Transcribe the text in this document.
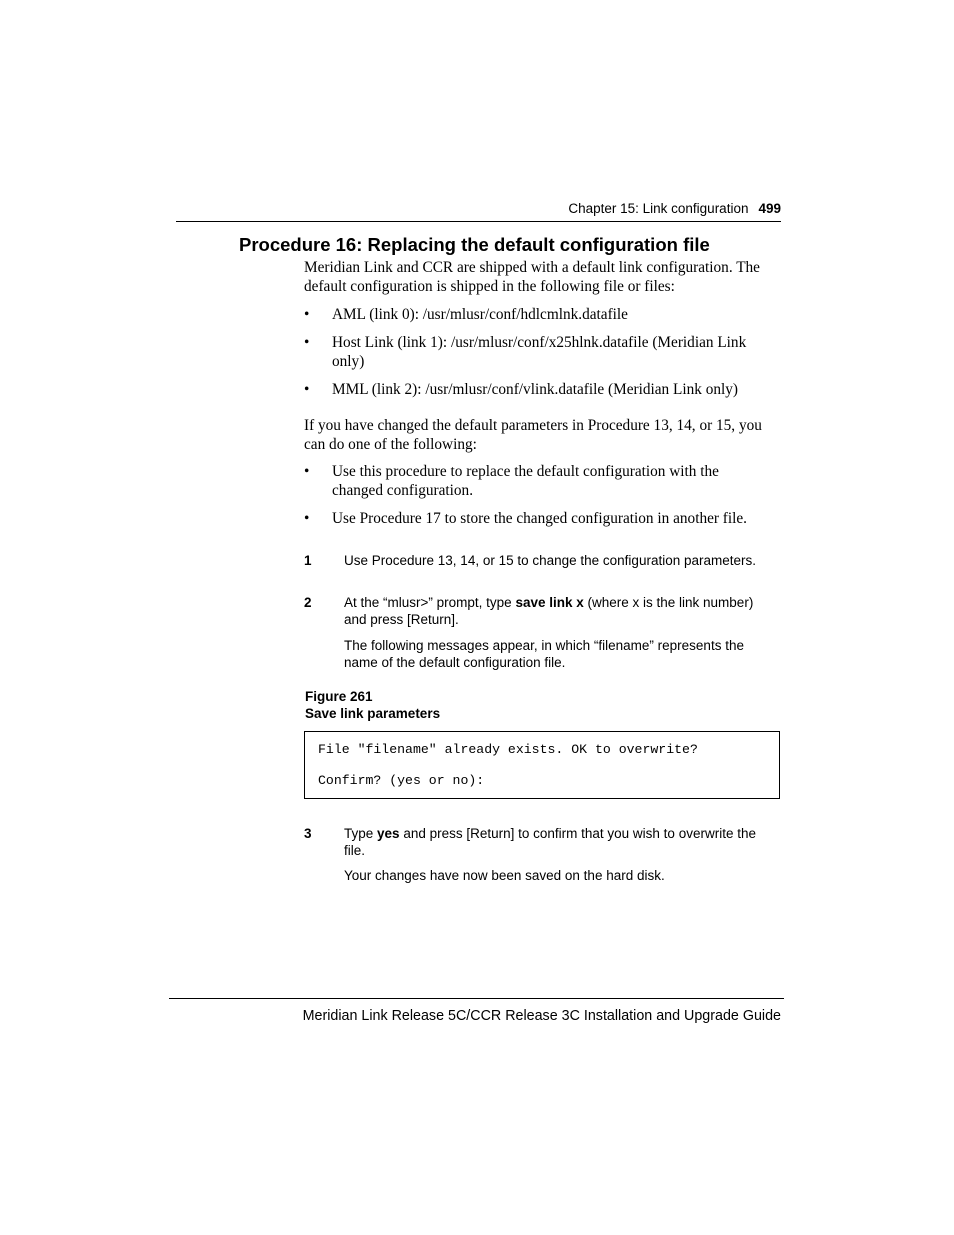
Chapter 15: Link configuration 499
Procedure 16: Replacing the default configuration file
Meridian Link and CCR are shipped with a default link configuration. The default configuration is shipped in the following file or files:
• AML (link 0): /usr/mlusr/conf/hdlcmlnk.datafile
• Host Link (link 1): /usr/mlusr/conf/x25hlnk.datafile (Meridian Link only)
• MML (link 2): /usr/mlusr/conf/vlink.datafile (Meridian Link only)
If you have changed the default parameters in Procedure 13, 14, or 15, you can do one of the following:
• Use this procedure to replace the default configuration with the changed configuration.
• Use Procedure 17 to store the changed configuration in another file.
1 Use Procedure 13, 14, or 15 to change the configuration parameters.
2 At the “mlusr>” prompt, type save link x (where x is the link number) and press [Return].
The following messages appear, in which “filename” represents the name of the default configuration file.
Figure 261
Save link parameters
File "filename" already exists. OK to overwrite?
Confirm? (yes or no):
3 Type yes and press [Return] to confirm that you wish to overwrite the file.
Your changes have now been saved on the hard disk.
Meridian Link Release 5C/CCR Release 3C Installation and Upgrade Guide
